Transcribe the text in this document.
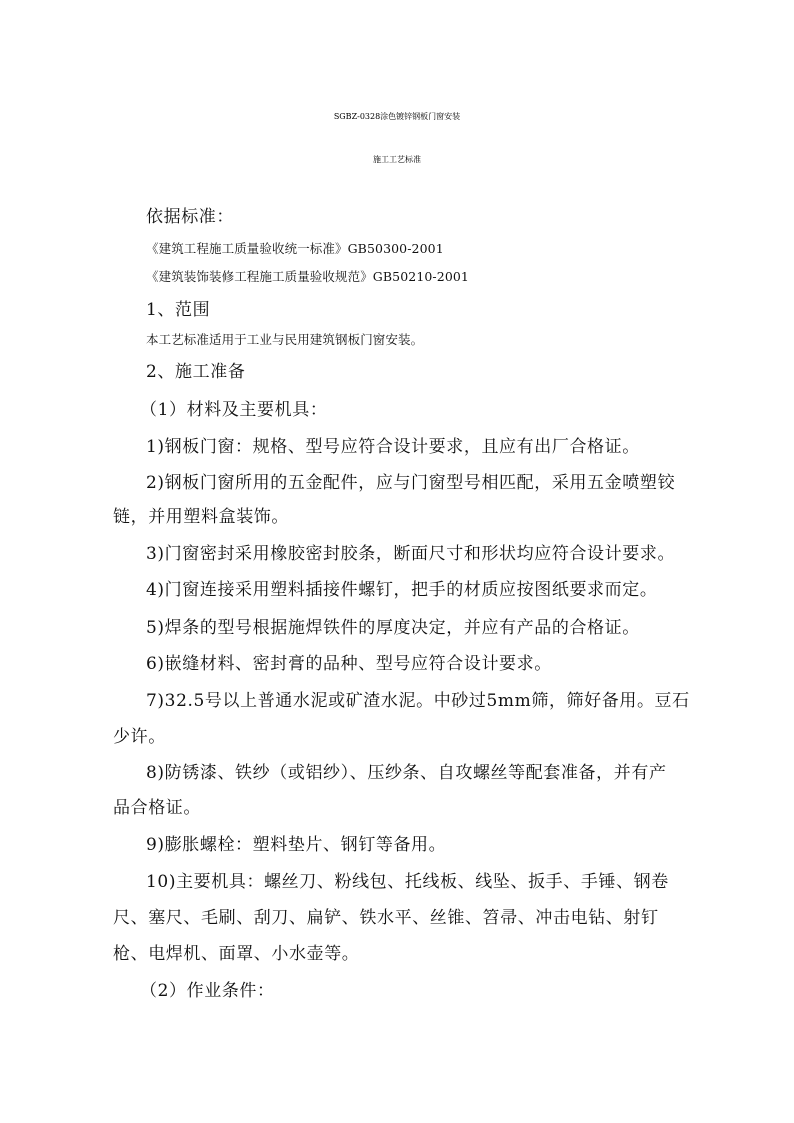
SGBZ-0328涂色镀锌钢板门窗安装
施工工艺标准
依据标准：
《建筑工程施工质量验收统一标准》GB50300-2001
《建筑装饰装修工程施工质量验收规范》GB50210-2001
1、范围
本工艺标准适用于工业与民用建筑钢板门窗安装。
2、施工准备
（1）材料及主要机具：
1)钢板门窗：规格、型号应符合设计要求，且应有出厂合格证。
2)钢板门窗所用的五金配件，应与门窗型号相匹配，采用五金喷塑铰
链，并用塑料盒装饰。
3)门窗密封采用橡胶密封胶条，断面尺寸和形状均应符合设计要求。
4)门窗连接采用塑料插接件螺钉，把手的材质应按图纸要求而定。
5)焊条的型号根据施焊铁件的厚度决定，并应有产品的合格证。
6)嵌缝材料、密封膏的品种、型号应符合设计要求。
7)32.5号以上普通水泥或矿渣水泥。中砂过5mm筛，筛好备用。豆石
少许。
8)防锈漆、铁纱（或铝纱）、压纱条、自攻螺丝等配套准备，并有产
品合格证。
9)膨胀螺栓：塑料垫片、钢钉等备用。
10)主要机具：螺丝刀、粉线包、托线板、线坠、扳手、手锤、钢卷
尺、塞尺、毛刷、刮刀、扁铲、铁水平、丝锥、笤帚、冲击电钻、射钉
枪、电焊机、面罩、小水壶等。
（2）作业条件：
